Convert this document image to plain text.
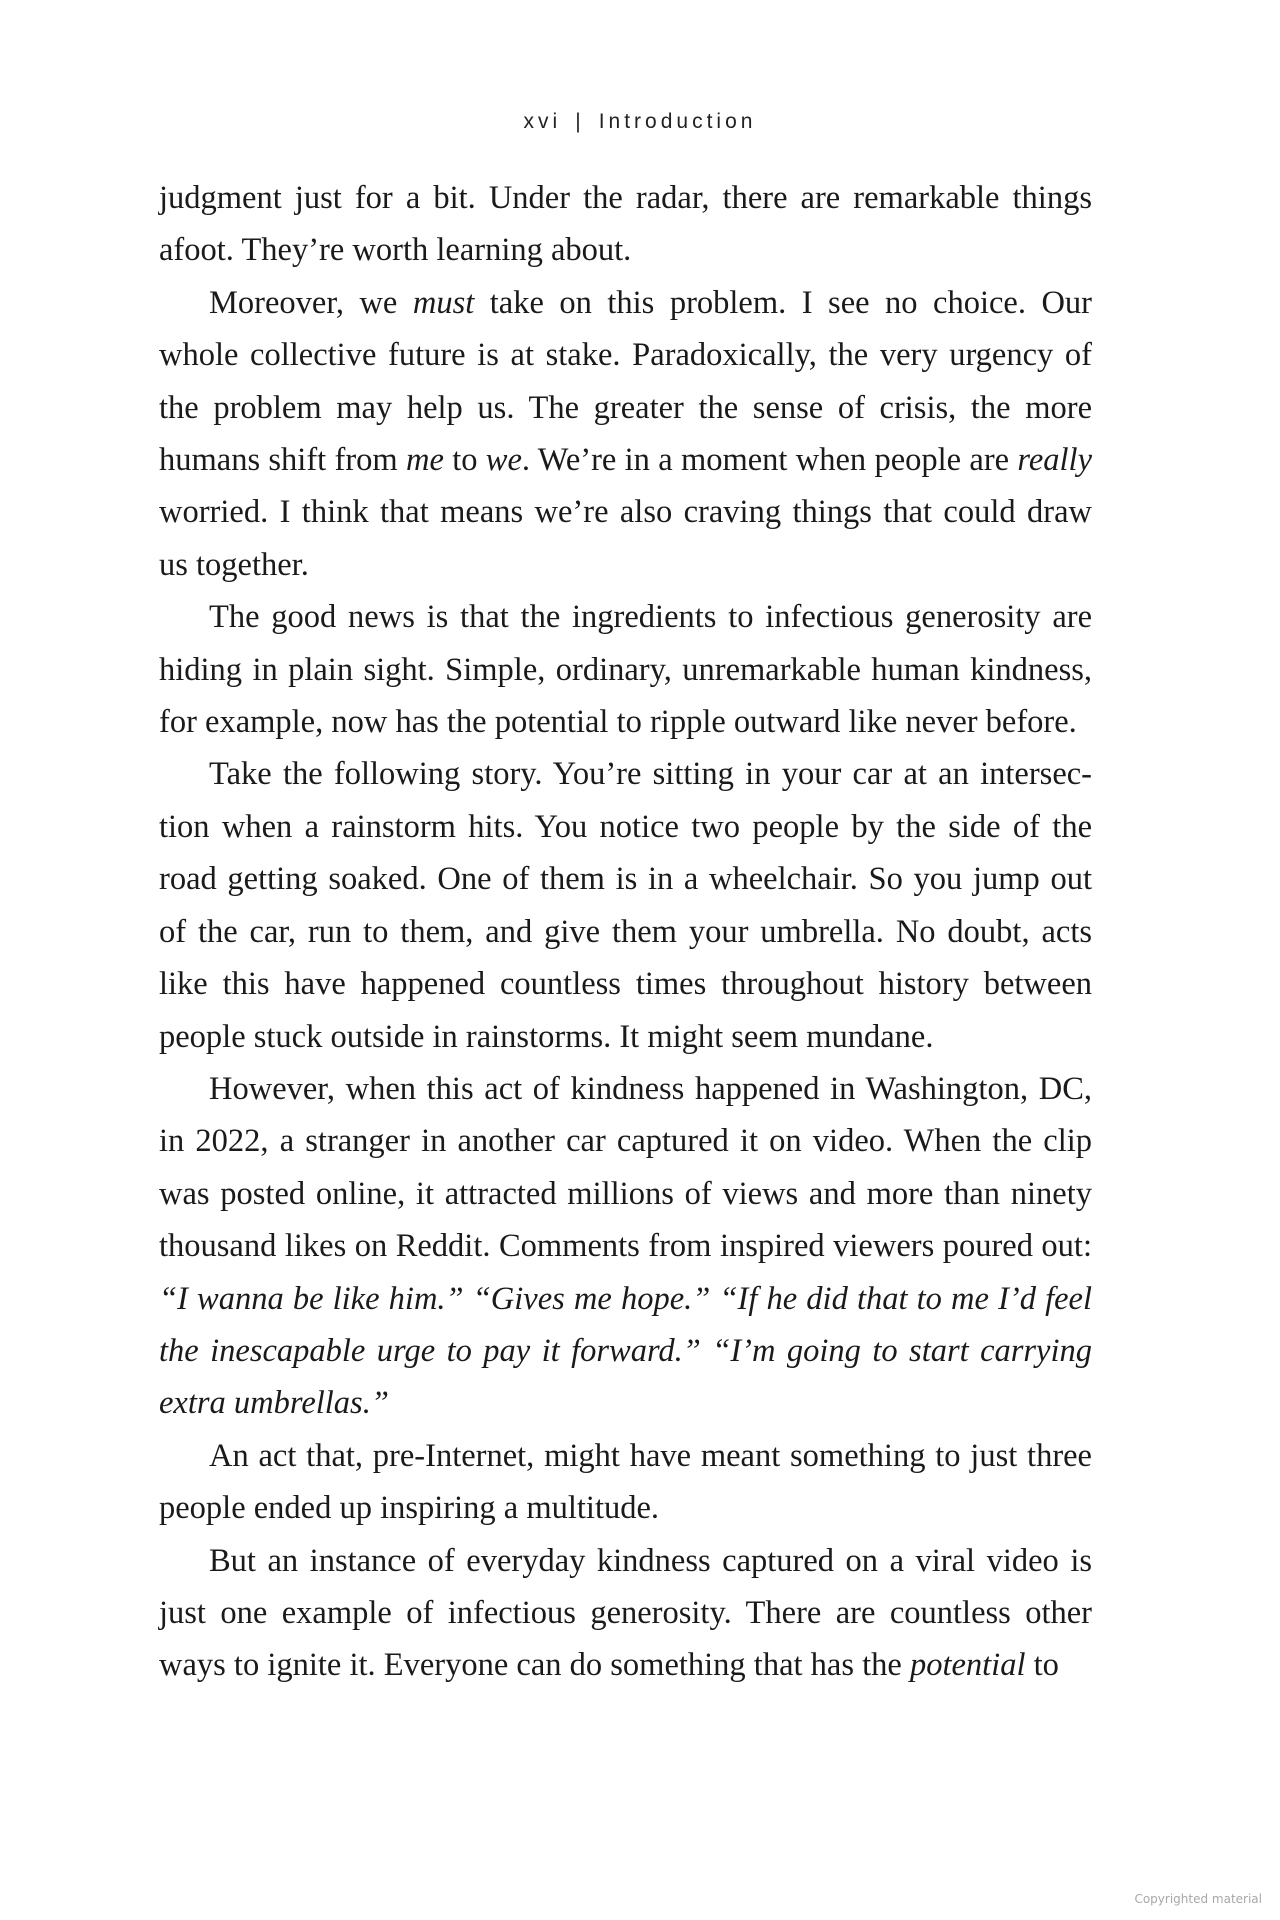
xvi | Introduction

judgment just for a bit. Under the radar, there are remarkable things afoot. They’re worth learning about.

Moreover, we must take on this problem. I see no choice. Our whole collective future is at stake. Paradoxically, the very urgency of the problem may help us. The greater the sense of crisis, the more humans shift from me to we. We’re in a moment when people are really worried. I think that means we’re also craving things that could draw us together.

The good news is that the ingredients to infectious generosity are hiding in plain sight. Simple, ordinary, unremarkable human kindness, for example, now has the potential to ripple outward like never before.

Take the following story. You’re sitting in your car at an intersection when a rainstorm hits. You notice two people by the side of the road getting soaked. One of them is in a wheelchair. So you jump out of the car, run to them, and give them your umbrella. No doubt, acts like this have happened countless times throughout history between people stuck outside in rainstorms. It might seem mundane.

However, when this act of kindness happened in Washington, DC, in 2022, a stranger in another car captured it on video. When the clip was posted online, it attracted millions of views and more than ninety thousand likes on Reddit. Comments from inspired viewers poured out: “I wanna be like him.” “Gives me hope.” “If he did that to me I’d feel the inescapable urge to pay it forward.” “I’m going to start carrying extra umbrellas.”

An act that, pre-Internet, might have meant something to just three people ended up inspiring a multitude.

But an instance of everyday kindness captured on a viral video is just one example of infectious generosity. There are countless other ways to ignite it. Everyone can do something that has the potential to

Copyrighted material
